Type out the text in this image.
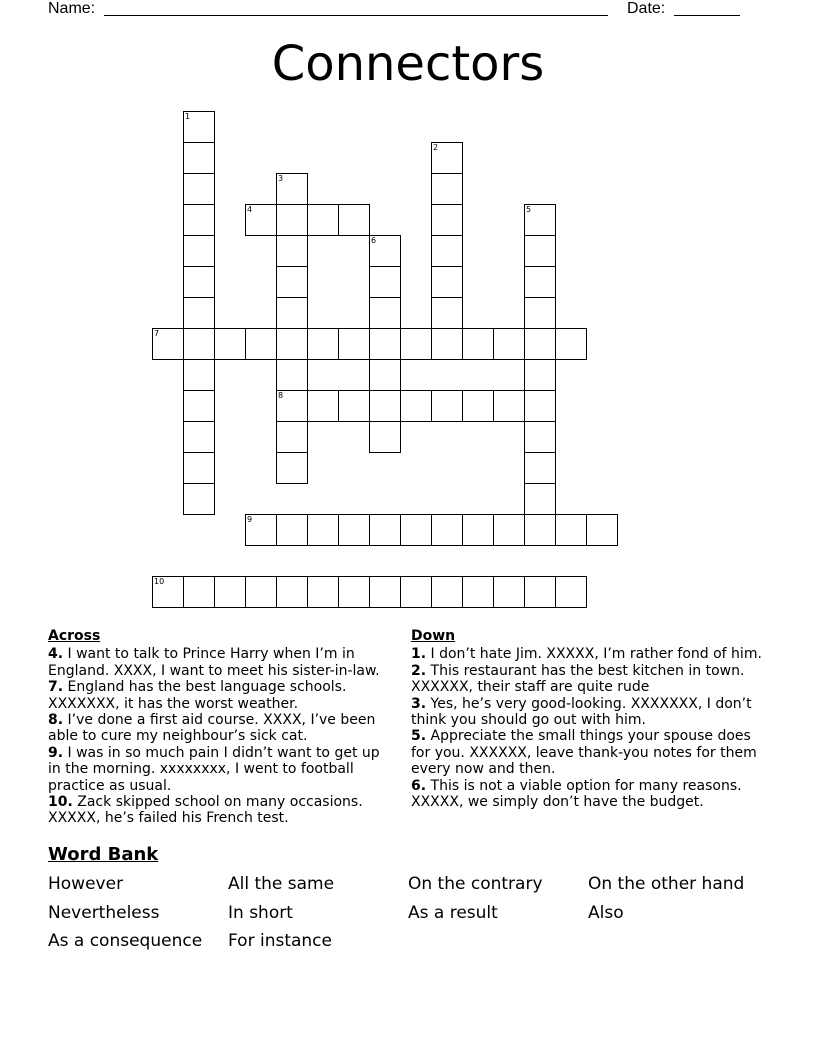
Name:	Date:
Connectors
1
2
3
8
4	5
6
7
9
10
Across

4. I want to talk to Prince Harry when I’m in England. XXXX, I want to meet his sister-in-law.

7. England has the best language schools. XXXXXXX, it has the worst weather.

8. I’ve done a first aid course. XXXX, I’ve been able to cure my neighbour’s sick cat.

9. I was in so much pain I didn’t want to get up in the morning. xxxxxxxx, I went to football practice as usual.

10. Zack skipped school on many occasions. XXXXX, he’s failed his French test.

Down

1. I don’t hate Jim. XXXXX, I’m rather fond of him.

2. This restaurant has the best kitchen in town. XXXXXX, their staff are quite rude

3. Yes, he’s very good-looking. XXXXXXX, I don’t think you should go out with him.

5. Appreciate the small things your spouse does for you. XXXXXX, leave thank-you notes for them every now and then.

6. This is not a viable option for many reasons. XXXXX, we simply don’t have the budget.

Word Bank
However	All the same	On the contrary	On the other hand
Nevertheless	In short	As a result	Also
As a consequence For instance
